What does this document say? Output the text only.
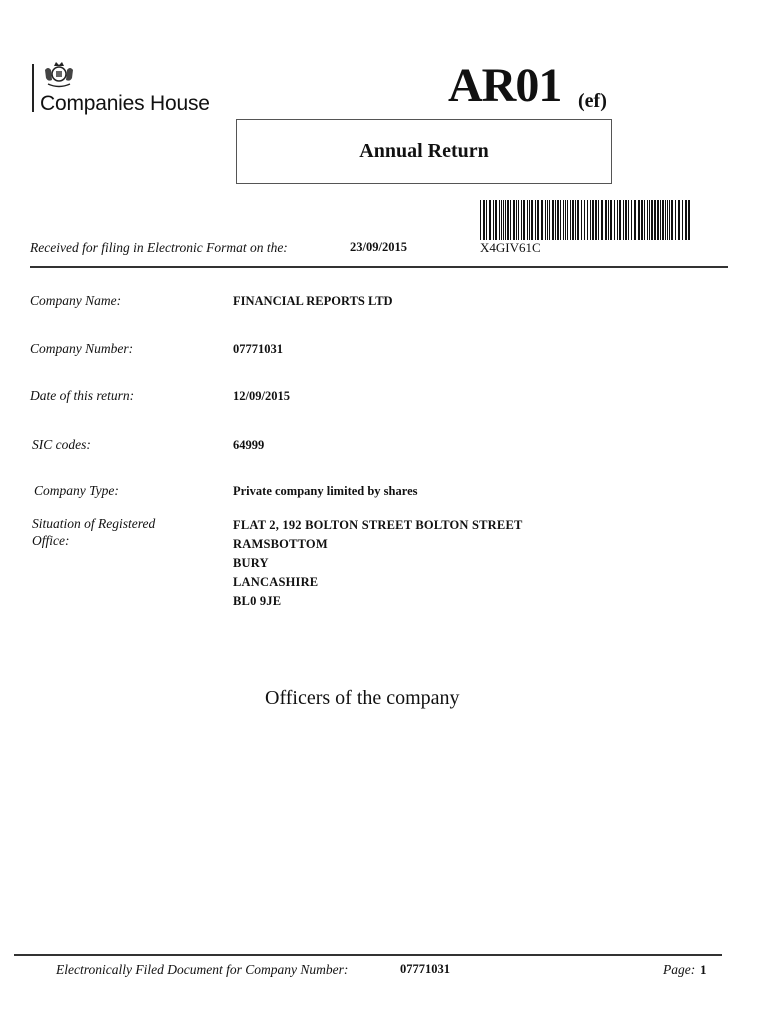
Companies House	AR01 (ef)
Annual Return
X4GIV61C
Received for filing in Electronic Format on the:	23/09/2015
Company Name:	FINANCIAL REPORTS LTD
Company Number:	07771031
Date of this return:	12/09/2015
SIC codes:	64999
Company Type:	Private company limited by shares
Situation of Registered
Office:
FLAT 2, 192 BOLTON STREET BOLTON STREET
RAMSBOTTOM
BURY
LANCASHIRE
BL0 9JE
Officers of the company
Electronically Filed Document for Company Number:	07771031	Page: 1
